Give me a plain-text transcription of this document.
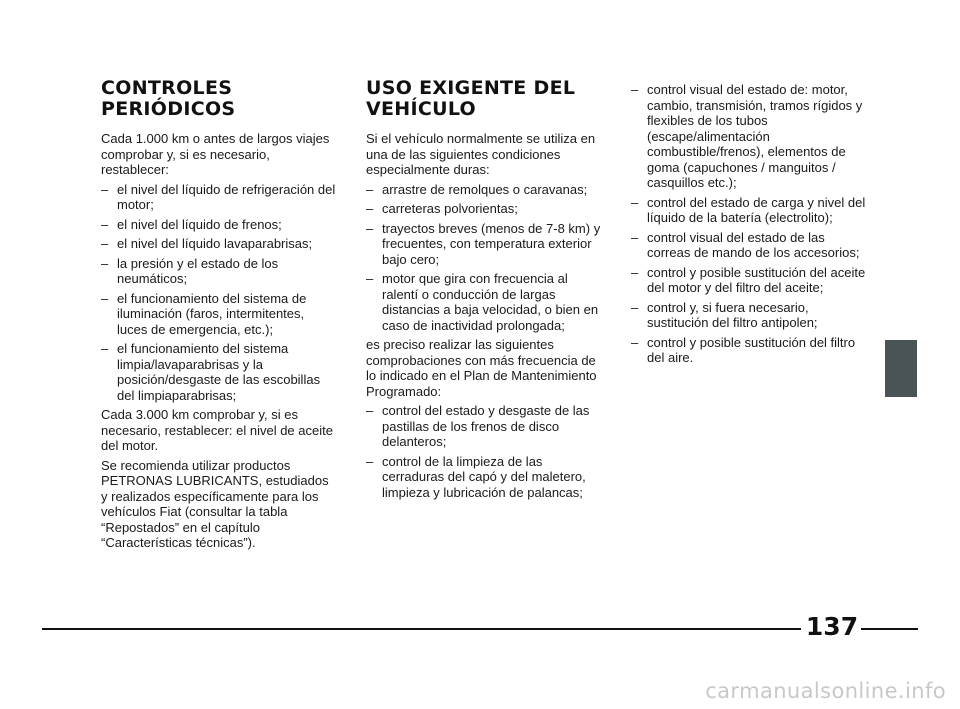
CONTROLES
PERIÓDICOS

Cada 1.000 km o antes de largos viajes comprobar y, si es necesario, restablecer:

– el nivel del líquido de refrigeración del motor;
– el nivel del líquido de frenos;
– el nivel del líquido lavaparabrisas;
– la presión y el estado de los neumáticos;
– el funcionamiento del sistema de iluminación (faros, intermitentes, luces de emergencia, etc.);
– el funcionamiento del sistema limpia/lavaparabrisas y la posición/desgaste de las escobillas del limpiaparabrisas;

Cada 3.000 km comprobar y, si es necesario, restablecer: el nivel de aceite del motor.

Se recomienda utilizar productos PETRONAS LUBRICANTS, estudiados y realizados específicamente para los vehículos Fiat (consultar la tabla “Repostados” en el capítulo “Características técnicas”).

USO EXIGENTE DEL
VEHÍCULO

Si el vehículo normalmente se utiliza en una de las siguientes condiciones especialmente duras:

– arrastre de remolques o caravanas;
– carreteras polvorientas;
– trayectos breves (menos de 7-8 km) y frecuentes, con temperatura exterior bajo cero;
– motor que gira con frecuencia al ralentí o conducción de largas distancias a baja velocidad, o bien en caso de inactividad prolongada;

es preciso realizar las siguientes comprobaciones con más frecuencia de lo indicado en el Plan de Mantenimiento Programado:

– control del estado y desgaste de las pastillas de los frenos de disco delanteros;
– control de la limpieza de las cerraduras del capó y del maletero, limpieza y lubricación de palancas;
– control visual del estado de: motor, cambio, transmisión, tramos rígidos y flexibles de los tubos (escape/alimentación combustible/frenos), elementos de goma (capuchones / manguitos / casquillos etc.);
– control del estado de carga y nivel del líquido de la batería (electrolito);
– control visual del estado de las correas de mando de los accesorios;
– control y posible sustitución del aceite del motor y del filtro del aceite;
– control y, si fuera necesario, sustitución del filtro antipolen;
– control y posible sustitución del filtro del aire.
137
carmanualsonline.info
